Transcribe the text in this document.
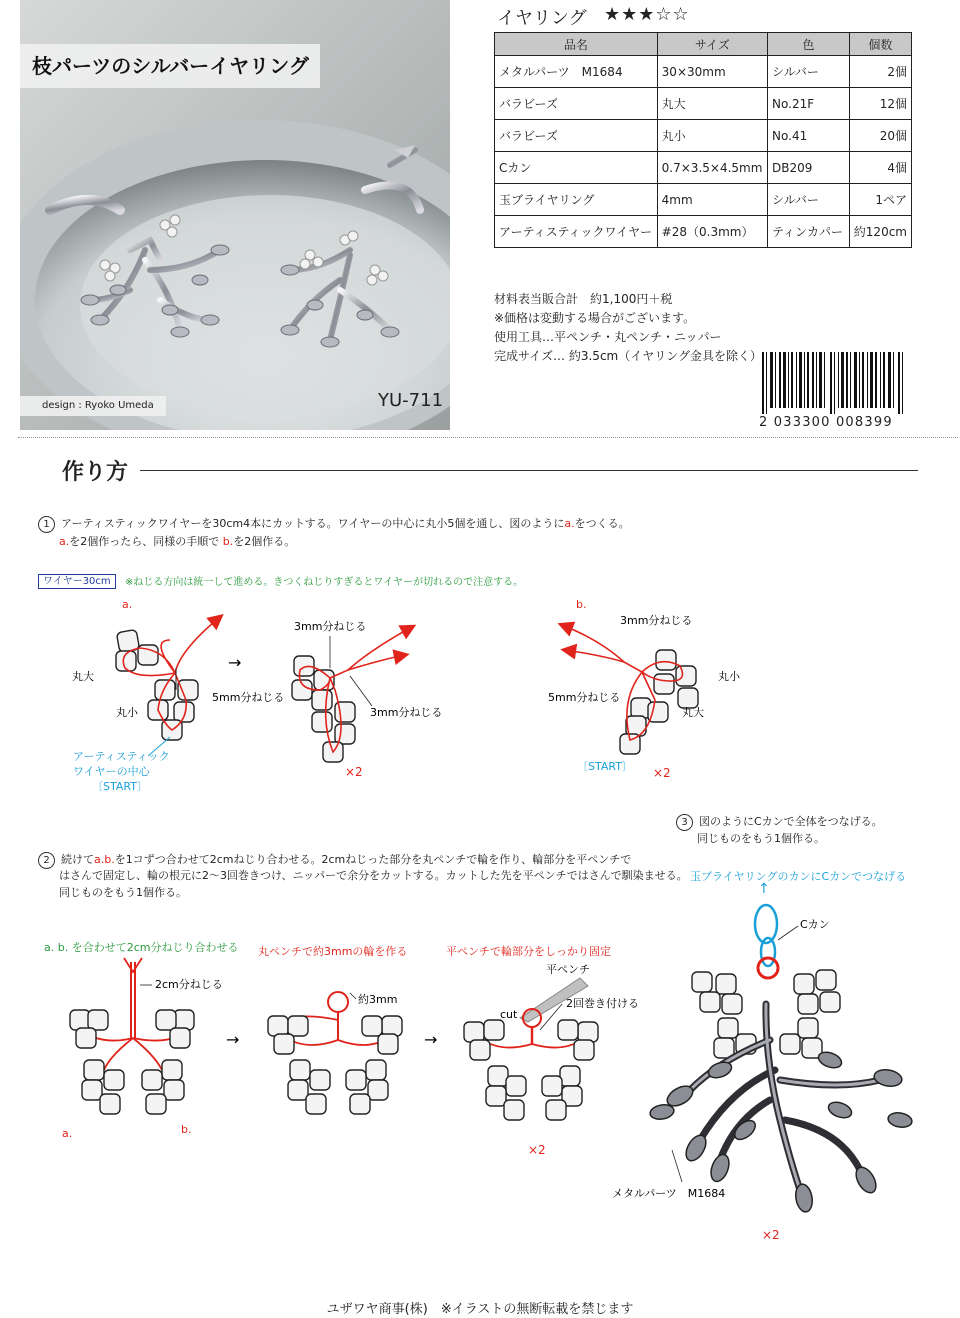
枝パーツのシルバーイヤリング
design : Ryoko Umeda	YU-711
イヤリング ★★★☆☆
品名	サイズ	色	個数
メタルパーツ　M1684	30×30mm	シルバー	2個
バラビーズ	丸大	No.21F	12個
バラビーズ	丸小	No.41	20個
Cカン	0.7×3.5×4.5mm	DB209	4個
玉ブライヤリング	4mm	シルバー	1ペア
アーティスティックワイヤー	#28（0.3mm）	ティンカパー	約120cm
材料表当販合計　約1,100円＋税
※価格は変動する場合がございます。
使用工具…平ペンチ・丸ペンチ・ニッパー
完成サイズ… 約3.5cm（イヤリング金具を除く）
2 033300 008399
作り方
1 アーティスティックワイヤーを30cm4本にカットする。ワイヤーの中心に丸小5個を通し、図のようにa.をつくる。
a.を2個作ったら、同様の手順で b.を2個作る。
ワイヤー30cm	※ねじる方向は統一して進める。きつくねじりすぎるとワイヤーが切れるので注意する。
a.
丸大
丸小
5mm分ねじる
アーティスティック
ワイヤーの中心
〔START〕
→
3mm分ねじる
3mm分ねじる
×2
b.
3mm分ねじる
5mm分ねじる
丸小
丸大
〔START〕 ×2
2cm分ねじる
a.	b.
→
約3mm
→
平ペンチ
2回巻き付ける
cut
×2
↑
Cカン
メタルパーツ　M1684
×2
2 続けてa.b.を1コずつ合わせて2cmねじり合わせる。2cmねじった部分を丸ペンチで輪を作り、輪部分を平ペンチで
はさんで固定し、輪の根元に2〜3回巻きつけ、ニッパーで余分をカットする。カットした先を平ペンチではさんで馴染ませる。
同じものをもう1個作る。
a. b. を合わせて2cm分ねじり合わせる 丸ペンチで約3mmの輪を作る	平ペンチで輪部分をしっかり固定
3 図のようにCカンで全体をつなげる。
同じものをもう1個作る。
玉ブライヤリングのカンにCカンでつなげる
ユザワヤ商事(株)　※イラストの無断転載を禁じます
